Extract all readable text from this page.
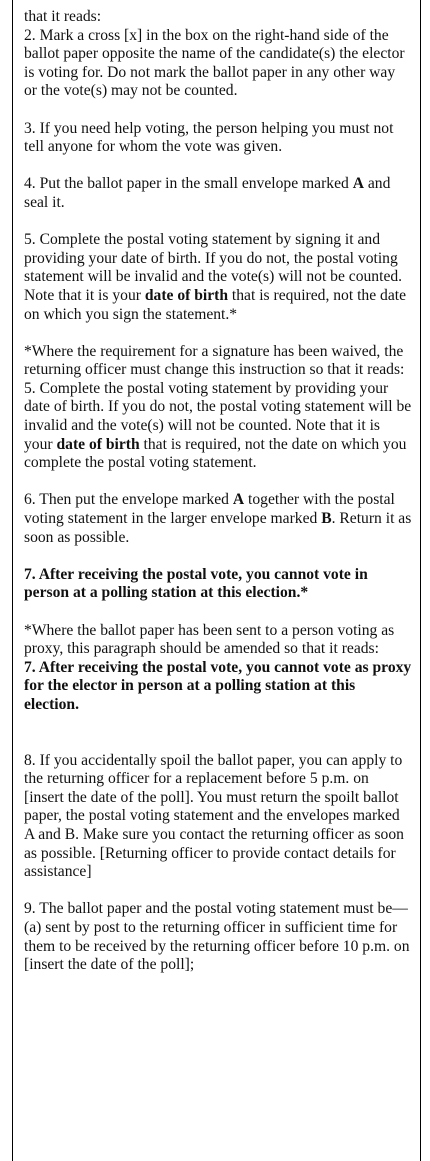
that it reads:

2. Mark a cross [x] in the box on the right-hand side of the ballot paper opposite the name of the candidate(s) the elector is voting for. Do not mark the ballot paper in any other way or the vote(s) may not be counted.

3. If you need help voting, the person helping you must not tell anyone for whom the vote was given.

4. Put the ballot paper in the small envelope marked A and seal it.

5. Complete the postal voting statement by signing it and providing your date of birth. If you do not, the postal voting statement will be invalid and the vote(s) will not be counted. Note that it is your date of birth that is required, not the date on which you sign the statement.*

*Where the requirement for a signature has been waived, the returning officer must change this instruction so that it reads:

5. Complete the postal voting statement by providing your date of birth. If you do not, the postal voting statement will be invalid and the vote(s) will not be counted. Note that it is your date of birth that is required, not the date on which you complete the postal voting statement.

6. Then put the envelope marked A together with the postal voting statement in the larger envelope marked B. Return it as soon as possible.

7. After receiving the postal vote, you cannot vote in person at a polling station at this election.*

*Where the ballot paper has been sent to a person voting as proxy, this paragraph should be amended so that it reads:

7. After receiving the postal vote, you cannot vote as proxy for the elector in person at a polling station at this election.

8. If you accidentally spoil the ballot paper, you can apply to the returning officer for a replacement before 5 p.m. on [insert the date of the poll]. You must return the spoilt ballot paper, the postal voting statement and the envelopes marked A and B. Make sure you contact the returning officer as soon as possible. [Returning officer to provide contact details for assistance]

9. The ballot paper and the postal voting statement must be—

(a) sent by post to the returning officer in sufficient time for them to be received by the returning officer before 10 p.m. on [insert the date of the poll];
